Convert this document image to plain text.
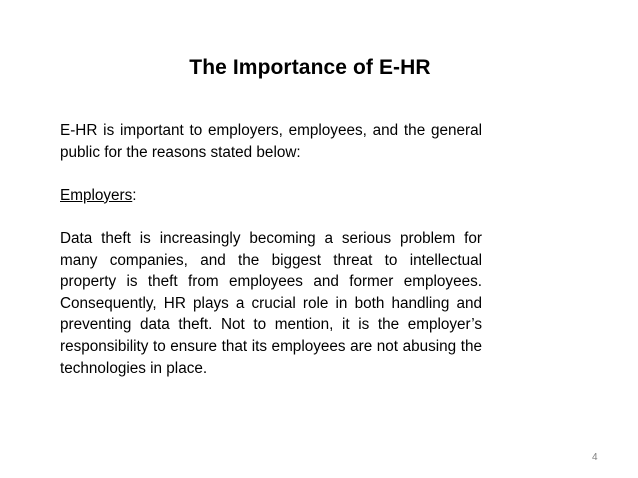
The Importance of E-HR

E-HR is important to employers, employees, and the general public for the reasons stated below:

Employers:

Data theft is increasingly becoming a serious problem for many companies, and the biggest threat to intellectual property is theft from employees and former employees. Consequently, HR plays a crucial role in both handling and preventing data theft. Not to mention, it is the employer’s responsibility to ensure that its employees are not abusing the technologies in place.

4
